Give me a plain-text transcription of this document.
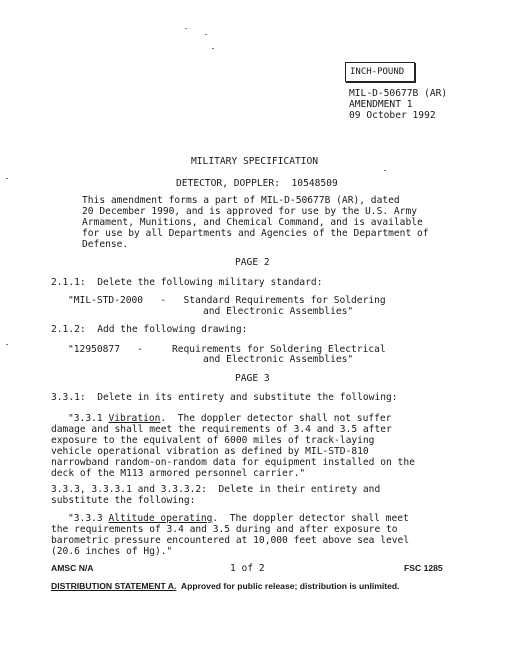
INCH-POUND
MIL-D-50677B (AR)
AMENDMENT 1
09 October 1992
MILITARY SPECIFICATION
DETECTOR, DOPPLER:  10548509
This amendment forms a part of MIL-D-50677B (AR), dated
20 December 1990, and is approved for use by the U.S. Army
Armament, Munitions, and Chemical Command, and is available
for use by all Departments and Agencies of the Department of
Defense.
PAGE 2
2.1.1:  Delete the following military standard:
"MIL-STD-2000   -   Standard Requirements for Soldering
and Electronic Assemblies"
2.1.2:  Add the following drawing:
"12950877   -     Requirements for Soldering Electrical
and Electronic Assemblies"
PAGE 3
3.3.1:  Delete in its entirety and substitute the following:
"3.3.1 Vibration.  The doppler detector shall not suffer
damage and shall meet the requirements of 3.4 and 3.5 after
exposure to the equivalent of 6000 miles of track-laying
vehicle operational vibration as defined by MIL-STD-810
narrowband random-on-random data for equipment installed on the
deck of the M113 armored personnel carrier."
3.3.3, 3.3.3.1 and 3.3.3.2:  Delete in their entirety and
substitute the following:
"3.3.3 Altitude operating.  The doppler detector shall meet
the requirements of 3.4 and 3.5 during and after exposure to
barometric pressure encountered at 10,000 feet above sea level
(20.6 inches of Hg)."
AMSC N/A	1 of 2	FSC 1285
DISTRIBUTION STATEMENT A.  Approved for public release; distribution is unlimited.
